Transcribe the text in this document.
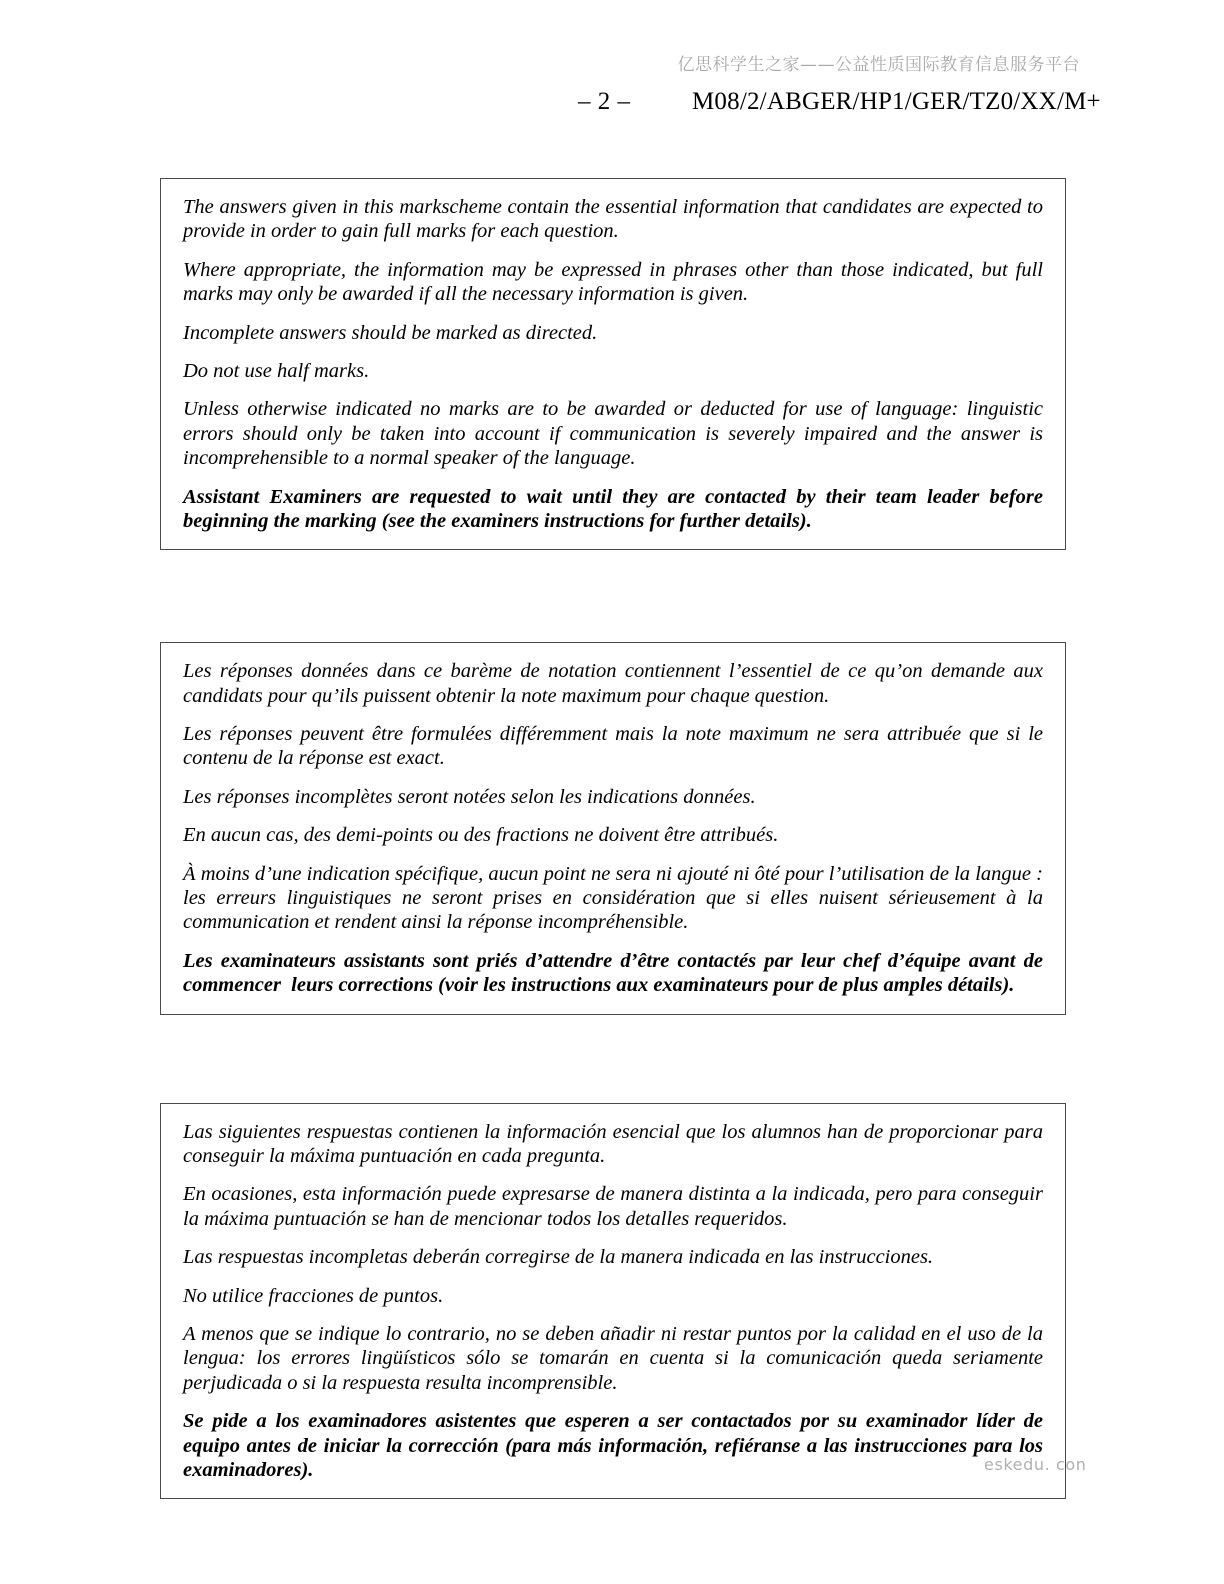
亿思科学生之家——公益性质国际教育信息服务平台
– 2 – M08/2/ABGER/HP1/GER/TZ0/XX/M+

The answers given in this markscheme contain the essential information that candidates are expected to provide in order to gain full marks for each question.

Where appropriate, the information may be expressed in phrases other than those indicated, but full marks may only be awarded if all the necessary information is given.

Incomplete answers should be marked as directed.

Do not use half marks.

Unless otherwise indicated no marks are to be awarded or deducted for use of language: linguistic errors should only be taken into account if communication is severely impaired and the answer is incomprehensible to a normal speaker of the language.

Assistant Examiners are requested to wait until they are contacted by their team leader before beginning the marking (see the examiners instructions for further details).

Les réponses données dans ce barème de notation contiennent l’essentiel de ce qu’on demande aux candidats pour qu’ils puissent obtenir la note maximum pour chaque question.

Les réponses peuvent être formulées différemment mais la note maximum ne sera attribuée que si le contenu de la réponse est exact.

Les réponses incomplètes seront notées selon les indications données.

En aucun cas, des demi-points ou des fractions ne doivent être attribués.

À moins d’une indication spécifique, aucun point ne sera ni ajouté ni ôté pour l’utilisation de la langue : les erreurs linguistiques ne seront prises en considération que si elles nuisent sérieusement à la communication et rendent ainsi la réponse incompréhensible.

Les examinateurs assistants sont priés d’attendre d’être contactés par leur chef d’équipe avant de commencer  leurs corrections (voir les instructions aux examinateurs pour de plus amples détails).

Las siguientes respuestas contienen la información esencial que los alumnos han de proporcionar para conseguir la máxima puntuación en cada pregunta.

En ocasiones, esta información puede expresarse de manera distinta a la indicada, pero para conseguir la máxima puntuación se han de mencionar todos los detalles requeridos.

Las respuestas incompletas deberán corregirse de la manera indicada en las instrucciones.

No utilice fracciones de puntos.

A menos que se indique lo contrario, no se deben añadir ni restar puntos por la calidad en el uso de la lengua: los errores lingüísticos sólo se tomarán en cuenta si la comunicación queda seriamente perjudicada o si la respuesta resulta incomprensible.

Se pide a los examinadores asistentes que esperen a ser contactados por su examinador líder de equipo antes de iniciar la corrección (para más información, refiéranse a las instrucciones para los examinadores).	eskedu. con
